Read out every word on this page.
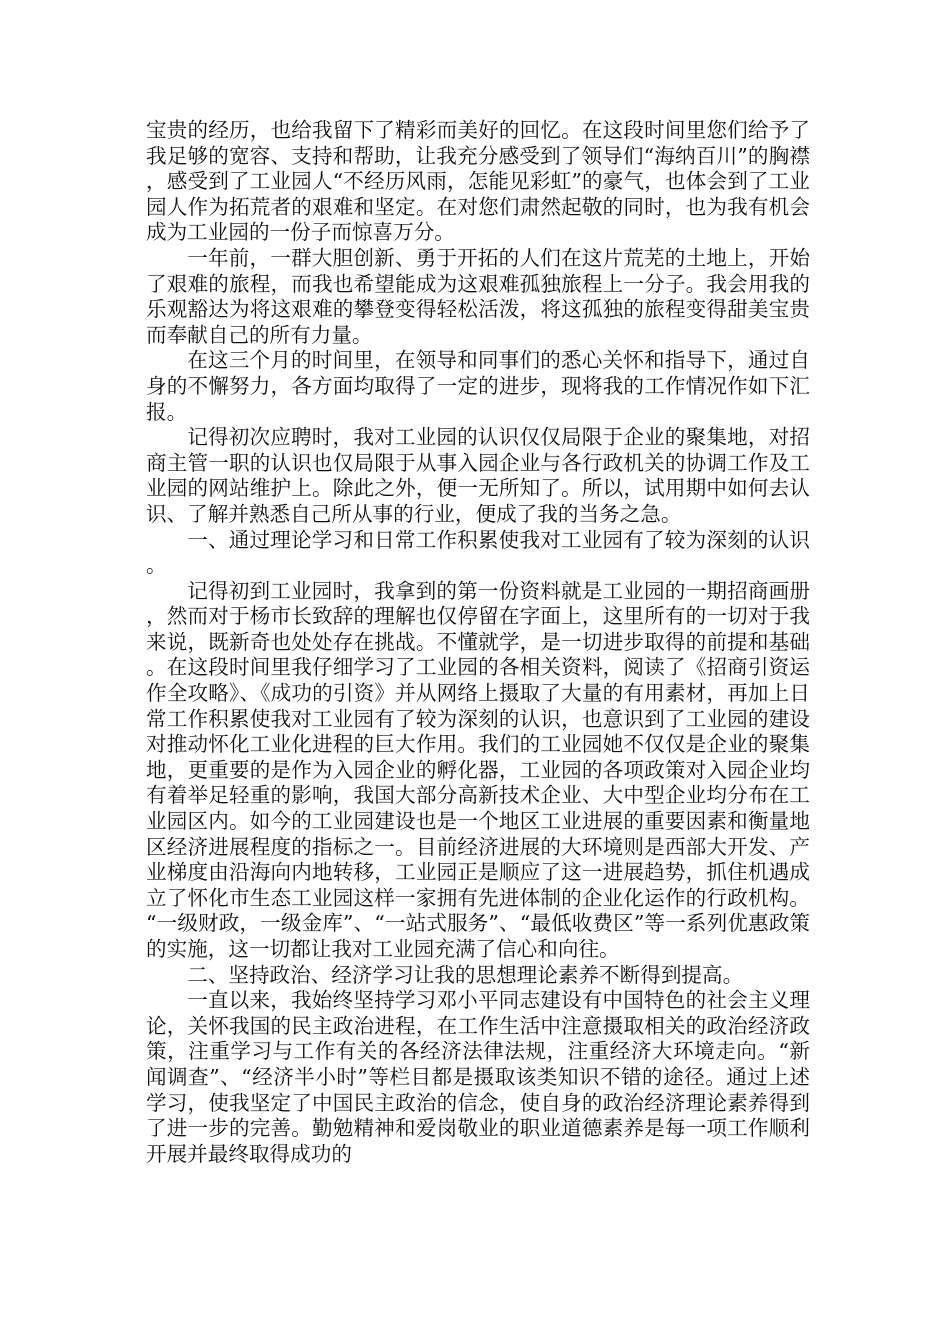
宝贵的经历，也给我留下了精彩而美好的回忆。在这段时间里您们给予了我足够的宽容、支持和帮助，让我充分感受到了领导们“海纳百川”的胸襟，感受到了工业园人“不经历风雨，怎能见彩虹”的豪气，也体会到了工业园人作为拓荒者的艰难和坚定。在对您们肃然起敬的同时，也为我有机会成为工业园的一份子而惊喜万分。

一年前，一群大胆创新、勇于开拓的人们在这片荒芜的土地上，开始了艰难的旅程，而我也希望能成为这艰难孤独旅程上一分子。我会用我的乐观豁达为将这艰难的攀登变得轻松活泼，将这孤独的旅程变得甜美宝贵而奉献自己的所有力量。

在这三个月的时间里，在领导和同事们的悉心关怀和指导下，通过自身的不懈努力，各方面均取得了一定的进步，现将我的工作情况作如下汇报。

记得初次应聘时，我对工业园的认识仅仅局限于企业的聚集地，对招商主管一职的认识也仅局限于从事入园企业与各行政机关的协调工作及工业园的网站维护上。除此之外，便一无所知了。所以，试用期中如何去认识、了解并熟悉自己所从事的行业，便成了我的当务之急。

一、通过理论学习和日常工作积累使我对工业园有了较为深刻的认识。

记得初到工业园时，我拿到的第一份资料就是工业园的一期招商画册，然而对于杨市长致辞的理解也仅停留在字面上，这里所有的一切对于我来说，既新奇也处处存在挑战。不懂就学，是一切进步取得的前提和基础。在这段时间里我仔细学习了工业园的各相关资料，阅读了《招商引资运作全攻略》、《成功的引资》并从网络上摄取了大量的有用素材，再加上日常工作积累使我对工业园有了较为深刻的认识，也意识到了工业园的建设对推动怀化工业化进程的巨大作用。我们的工业园她不仅仅是企业的聚集地，更重要的是作为入园企业的孵化器，工业园的各项政策对入园企业均有着举足轻重的影响，我国大部分高新技术企业、大中型企业均分布在工业园区内。如今的工业园建设也是一个地区工业进展的重要因素和衡量地区经济进展程度的指标之一。目前经济进展的大环境则是西部大开发、产业梯度由沿海向内地转移，工业园正是顺应了这一进展趋势，抓住机遇成立了怀化市生态工业园这样一家拥有先进体制的企业化运作的行政机构。“一级财政，一级金库”、“一站式服务”、“最低收费区”等一系列优惠政策的实施，这一切都让我对工业园充满了信心和向往。

二、坚持政治、经济学习让我的思想理论素养不断得到提高。

一直以来，我始终坚持学习邓小平同志建设有中国特色的社会主义理论，关怀我国的民主政治进程，在工作生活中注意摄取相关的政治经济政策，注重学习与工作有关的各经济法律法规，注重经济大环境走向。“新闻调查”、“经济半小时”等栏目都是摄取该类知识不错的途径。通过上述学习，使我坚定了中国民主政治的信念，使自身的政治经济理论素养得到了进一步的完善。勤勉精神和爱岗敬业的职业道德素养是每一项工作顺利开展并最终取得成功的
